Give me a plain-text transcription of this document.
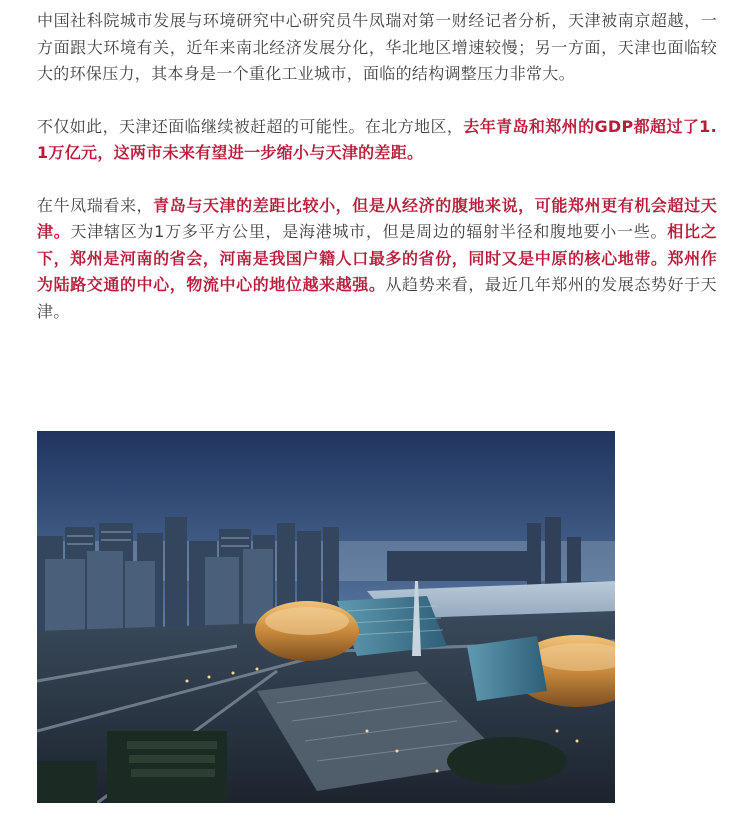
中国社科院城市发展与环境研究中心研究员牛凤瑞对第一财经记者分析，天津被南京超越，一方面跟大环境有关，近年来南北经济发展分化，华北地区增速较慢；另一方面，天津也面临较大的环保压力，其本身是一个重化工业城市，面临的结构调整压力非常大。

不仅如此，天津还面临继续被赶超的可能性。在北方地区，去年青岛和郑州的GDP都超过了1.1万亿元，这两市未来有望进一步缩小与天津的差距。

在牛凤瑞看来，青岛与天津的差距比较小，但是从经济的腹地来说，可能郑州更有机会超过天津。天津辖区为1万多平方公里，是海港城市，但是周边的辐射半径和腹地要小一些。相比之下，郑州是河南的省会，河南是我国户籍人口最多的省份，同时又是中原的核心地带。郑州作为陆路交通的中心，物流中心的地位越来越强。从趋势来看，最近几年郑州的发展态势好于天津。
